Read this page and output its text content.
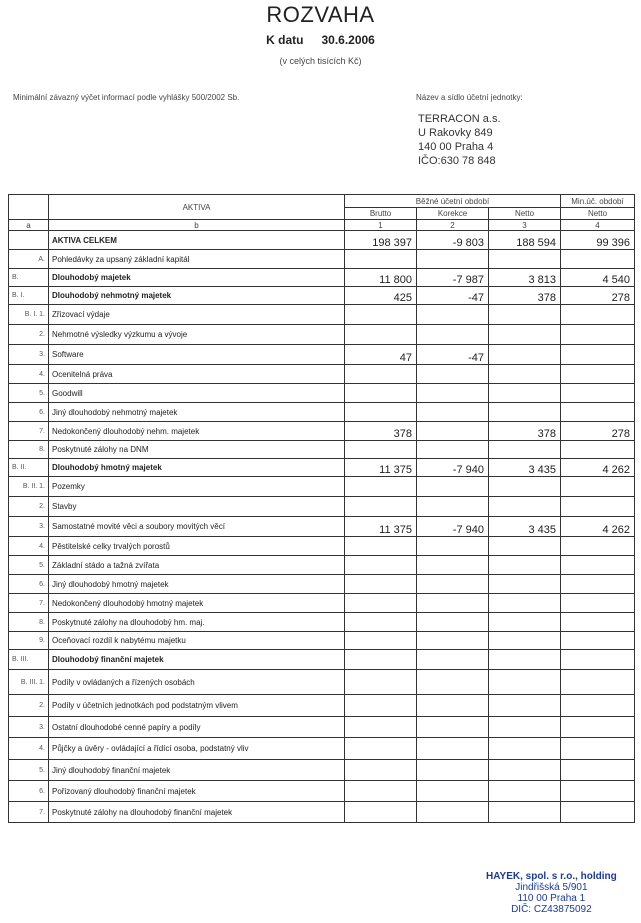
ROZVAHA
K datu 30.6.2006
(v celých tisících Kč)
Minimální závazný výčet informací podle vyhlášky 500/2002 Sb.	Název a sídlo účetní jednotky:
TERRACON a.s.
U Rakovky 849
140 00 Praha 4
IČO:630 78 848
	AKTIVA	Běžné účetní období			Min.úč. období
		Brutto	Korekce	Netto	Netto
a	b	1	2	3	4
	AKTIVA CELKEM	198 397	-9 803	188 594	99 396
A.	Pohledávky za upsaný základní kapitál				
B.	Dlouhodobý majetek	11 800	-7 987	3 813	4 540
B. I.	Dlouhodobý nehmotný majetek	425	-47	378	278
B. I. 1.	Zřizovací výdaje				
2.	Nehmotné výsledky výzkumu a vývoje				
3.	Software	47	-47		
4.	Ocenitelná práva				
5.	Goodwill				
6.	Jiný dlouhodobý nehmotný majetek				
7.	Nedokončený dlouhodobý nehm. majetek	378		378	278
8.	Poskytnuté zálohy na DNM				
B. II.	Dlouhodobý hmotný majetek	11 375	-7 940	3 435	4 262
B. II. 1.	Pozemky				
2.	Stavby				
3.	Samostatné movité věci a soubory movitých věcí	11 375	-7 940	3 435	4 262
4.	Pěstitelské celky trvalých porostů				
5.	Základní stádo a tažná zvířata				
6.	Jiný dlouhodobý hmotný majetek				
7.	Nedokončený dlouhodobý hmotný majetek				
8.	Poskytnuté zálohy na dlouhodobý hm. maj.				
9.	Oceňovací rozdíl k nabytému majetku				
B. III.	Dlouhodobý finanční majetek				
B. III. 1.	Podíly v ovládaných a řízených osobách				
2.	Podíly v účetních jednotkách pod podstatným vlivem				
3.	Ostatní dlouhodobé cenné papíry a podíly				
4.	Půjčky a úvěry - ovládající a řídící osoba, podstatný vliv				
5.	Jiný dlouhodobý finanční majetek				
6.	Pořizovaný dlouhodobý finanční majetek				
7.	Poskytnuté zálohy na dlouhodobý finanční majetek				
HAYEK, spol. s r.o., holding
Jindřišská 5/901
110 00 Praha 1
DIČ: CZ43875092
